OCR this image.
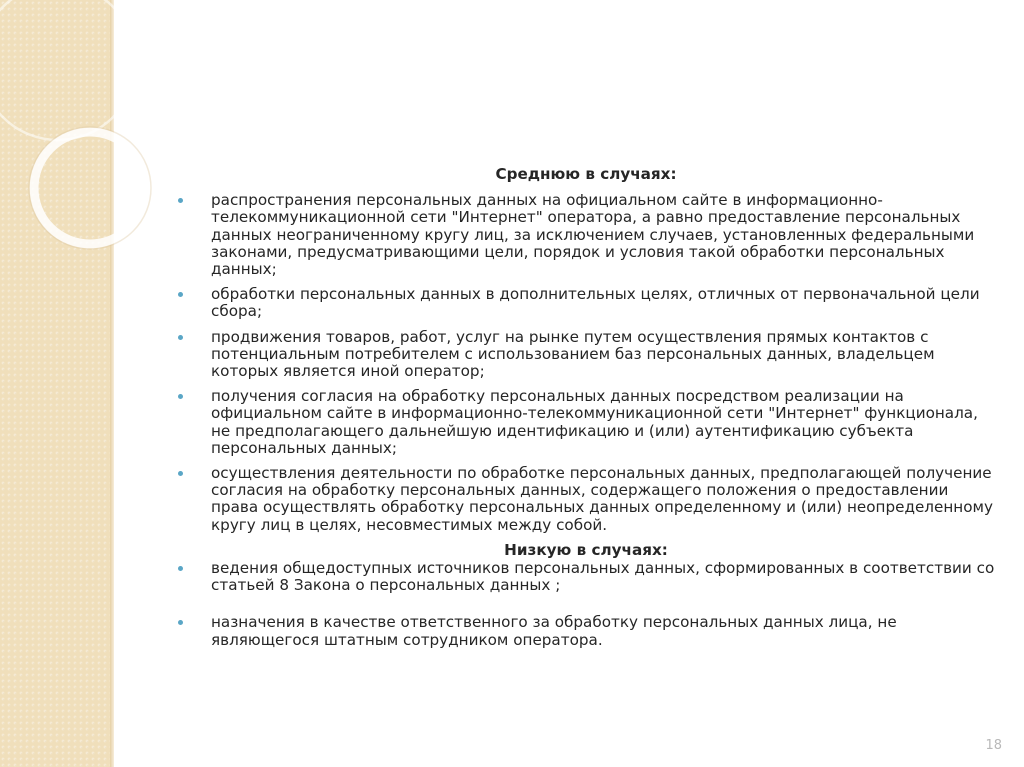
Среднюю в случаях:

распространения персональных данных на официальном сайте в информационно-телекоммуникационной сети "Интернет" оператора, а равно предоставление персональных данных неограниченному кругу лиц, за исключением случаев, установленных федеральными законами, предусматривающими цели, порядок и условия такой обработки персональных данных;
обработки персональных данных в дополнительных целях, отличных от первоначальной цели сбора;
продвижения товаров, работ, услуг на рынке путем осуществления прямых контактов с потенциальным потребителем с использованием баз персональных данных, владельцем которых является иной оператор;
получения согласия на обработку персональных данных посредством реализации на официальном сайте в информационно-телекоммуникационной сети "Интернет" функционала, не предполагающего дальнейшую идентификацию и (или) аутентификацию субъекта персональных данных;
осуществления деятельности по обработке персональных данных, предполагающей получение согласия на обработку персональных данных, содержащего положения о предоставлении права осуществлять обработку персональных данных определенному и (или) неопределенному кругу лиц в целях, несовместимых между собой.

Низкую в случаях:

ведения общедоступных источников персональных данных, сформированных в соответствии со статьей 8 Закона о персональных данных ;
назначения в качестве ответственного за обработку персональных данных лица, не являющегося штатным сотрудником оператора.
18
